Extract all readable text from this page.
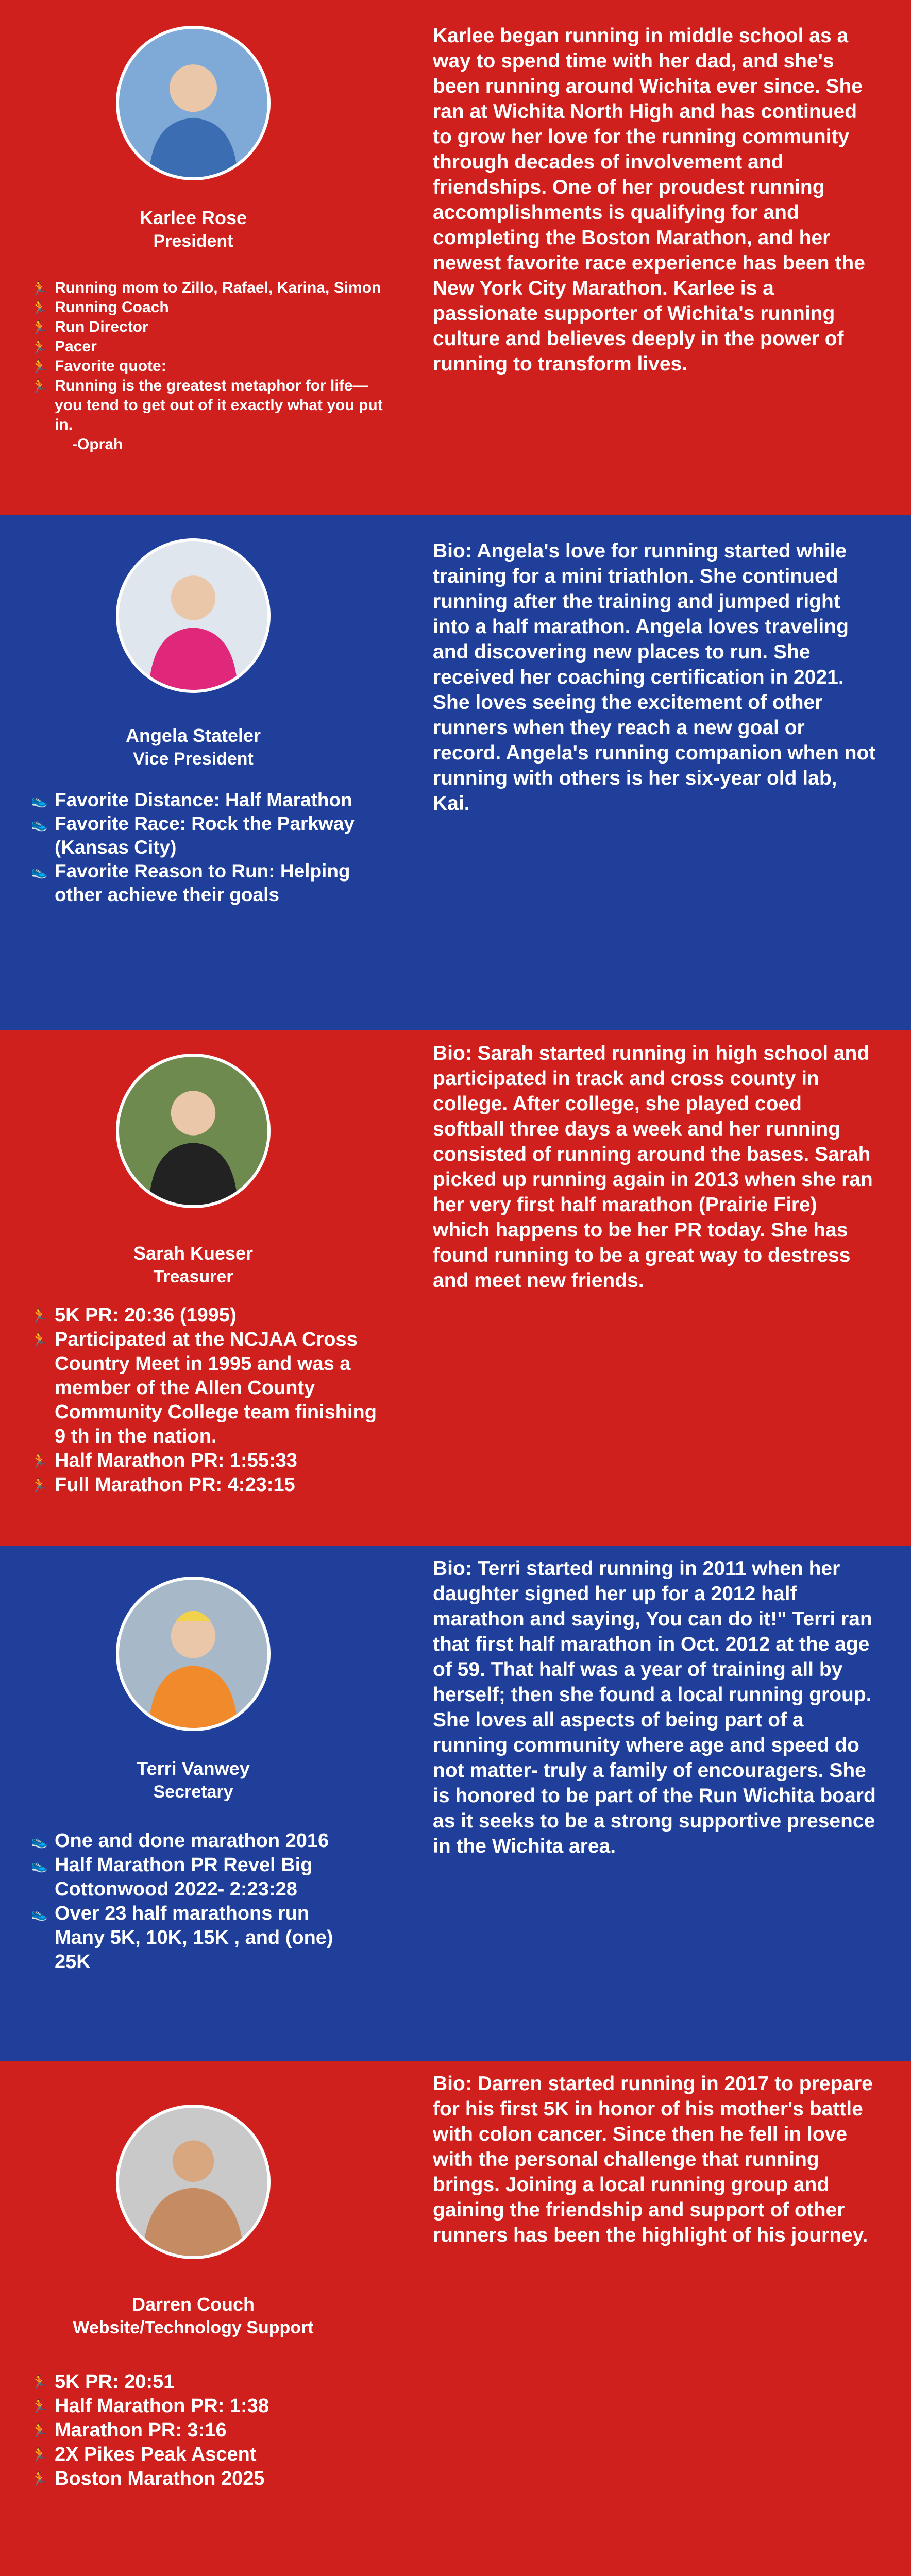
Karlee Rose
President
🏃 Running mom to Zillo, Rafael, Karina, Simon
🏃 Running Coach
🏃 Run Director
🏃 Pacer
🏃 Favorite quote:
🏃 Running is the greatest metaphor for life—you tend to get out of it exactly what you put in.
-Oprah

Karlee began running in middle school as a way to spend time with her dad, and she's been running around Wichita ever since. She ran at Wichita North High and has continued to grow her love for the running community through decades of involvement and friendships. One of her proudest running accomplishments is qualifying for and completing the Boston Marathon, and her newest favorite race experience has been the New York City Marathon. Karlee is a passionate supporter of Wichita's running culture and believes deeply in the power of running to transform lives.

Angela Stateler
Vice President
👟 Favorite Distance: Half Marathon
👟 Favorite Race: Rock the Parkway (Kansas City)
👟 Favorite Reason to Run: Helping other achieve their goals

Bio: Angela's love for running started while training for a mini triathlon. She continued running after the training and jumped right into a half marathon. Angela loves traveling and discovering new places to run. She received her coaching certification in 2021. She loves seeing the excitement of other runners when they reach a new goal or record. Angela's running companion when not running with others is her six-year old lab, Kai.

Sarah Kueser
Treasurer
🏃 5K PR: 20:36 (1995)
🏃 Participated at the NCJAA Cross Country Meet in 1995 and was a member of the Allen County Community College team finishing 9 th in the nation.
🏃 Half Marathon PR: 1:55:33
🏃 Full Marathon PR: 4:23:15

Bio: Sarah started running in high school and participated in track and cross county in college. After college, she played coed softball three days a week and her running consisted of running around the bases. Sarah picked up running again in 2013 when she ran her very first half marathon (Prairie Fire) which happens to be her PR today. She has found running to be a great way to destress and meet new friends.

Terri Vanwey
Secretary
👟 One and done marathon 2016
👟 Half Marathon PR Revel Big Cottonwood 2022- 2:23:28
👟 Over 23 half marathons run Many 5K, 10K, 15K , and (one) 25K

Bio: Terri started running in 2011 when her daughter signed her up for a 2012 half marathon and saying, You can do it!" Terri ran that first half marathon in Oct. 2012 at the age of 59. That half was a year of training all by herself; then she found a local running group. She loves all aspects of being part of a running community where age and speed do not matter- truly a family of encouragers. She is honored to be part of the Run Wichita board as it seeks to be a strong supportive presence in the Wichita area.

Darren Couch
Website/Technology Support
🏃 5K PR: 20:51
🏃 Half Marathon PR: 1:38
🏃 Marathon PR: 3:16
🏃 2X Pikes Peak Ascent
🏃 Boston Marathon 2025

Bio: Darren started running in 2017 to prepare for his first 5K in honor of his mother's battle with colon cancer. Since then he fell in love with the personal challenge that running brings. Joining a local running group and gaining the friendship and support of other runners has been the highlight of his journey.
